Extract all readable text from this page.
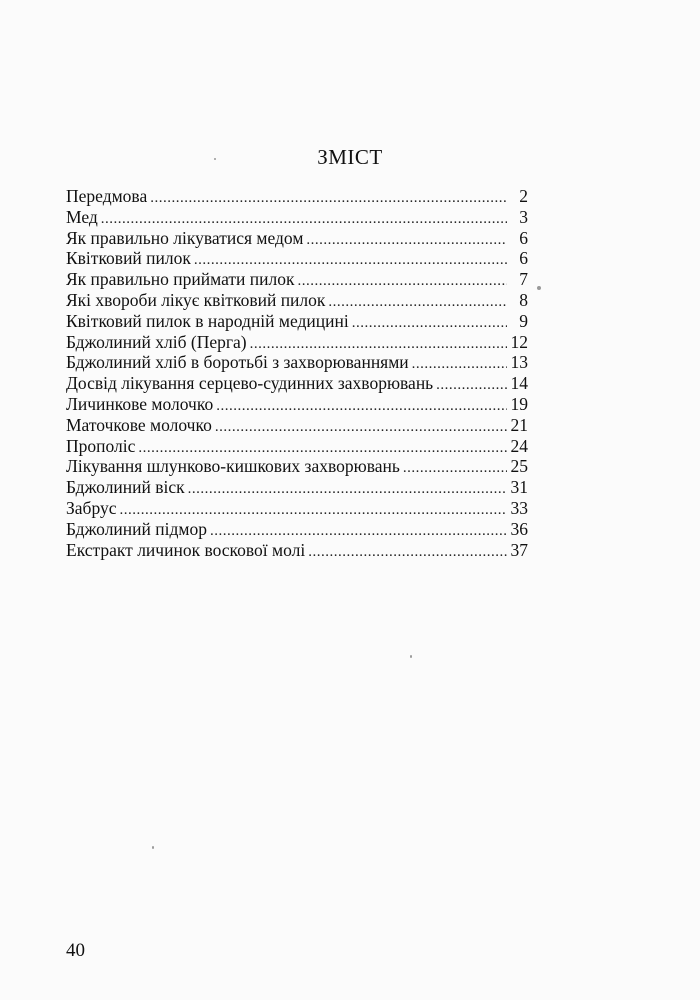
ЗМІСТ
Передмова .....	2
Мед .....	3
Як правильно лікуватися медом .....	6
Квітковий пилок .....	6
Як правильно приймати пилок .....	7
Які хвороби лікує квітковий пилок .....	8
Квітковий пилок в народній медицині .....	9
Бджолиний хліб (Перга) .....	12
Бджолиний хліб в боротьбі з захворюваннями .....	13
Досвід лікування серцево-судинних захворювань .....	14
Личинкове молочко .....	19
Маточкове молочко .....	21
Прополіс .....	24
Лікування шлунково-кишкових захворювань .....	25
Бджолиний віск .....	31
Забрус .....	33
Бджолиний підмор .....	36
Екстракт личинок воскової молі .....	37
40
